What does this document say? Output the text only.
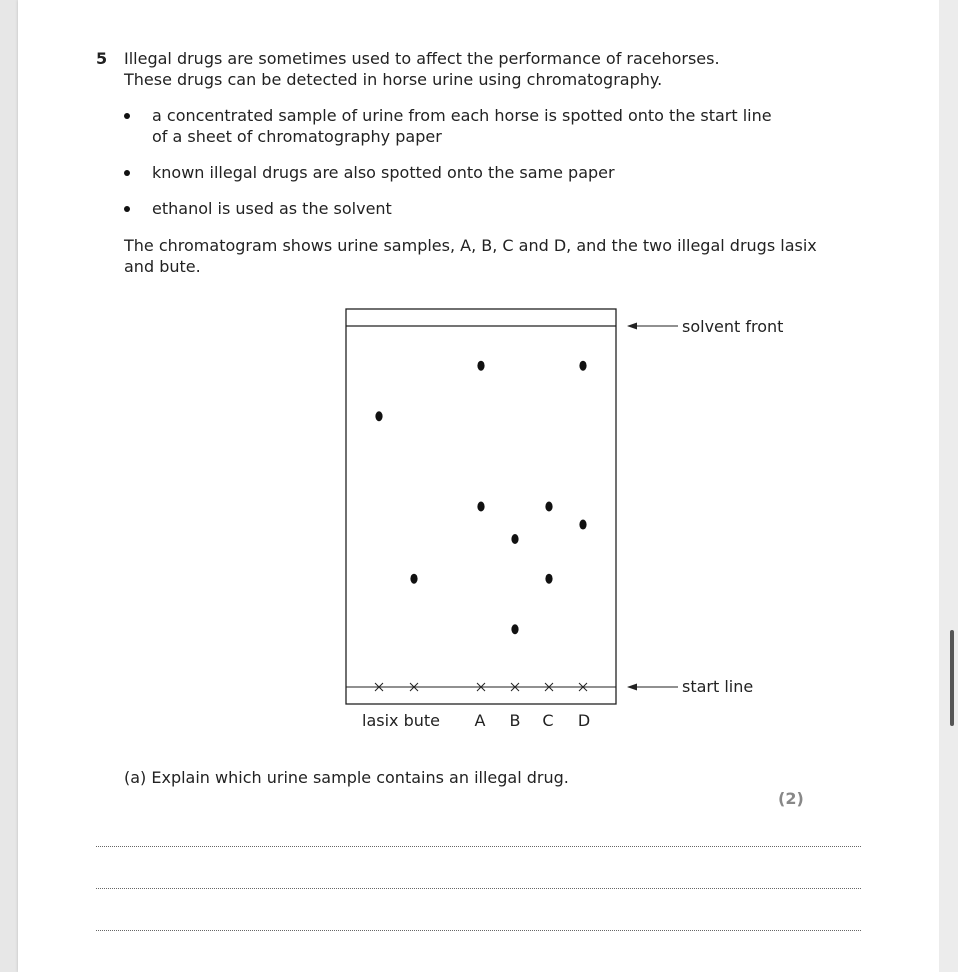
5 Illegal drugs are sometimes used to affect the performance of racehorses.
These drugs can be detected in horse urine using chromatography.
a concentrated sample of urine from each horse is spotted onto the start line of a sheet of chromatography paper
known illegal drugs are also spotted onto the same paper
ethanol is used as the solvent
The chromatogram shows urine samples, A, B, C and D, and the two illegal drugs lasix
and bute.
solvent front
start line
lasix bute A B C D
(a) Explain which urine sample contains an illegal drug.
(2)
